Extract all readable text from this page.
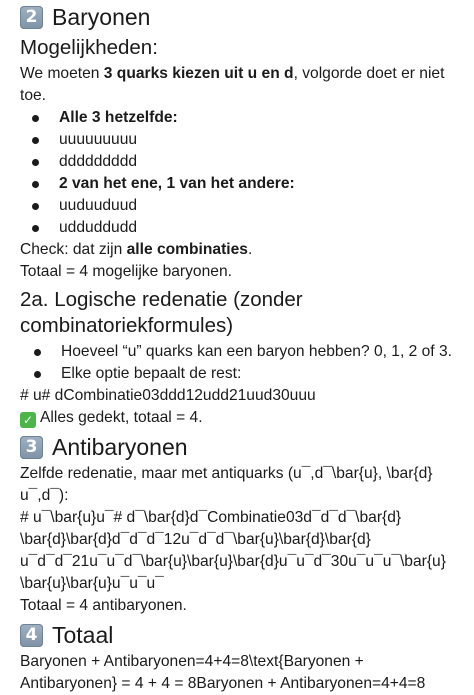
2 Baryonen
Mogelijkheden:
We moeten 3 quarks kiezen uit u en d, volgorde doet er niet
toe.
Alle 3 hetzelfde:
uuuuuuuuu
ddddddddd
2 van het ene, 1 van het andere:
uuduuduud
udduddudd
Check: dat zijn alle combinaties.
Totaal = 4 mogelijke baryonen.
2a. Logische redenatie (zonder
combinatoriekformules)
Hoeveel “u” quarks kan een baryon hebben? 0, 1, 2 of 3.
Elke optie bepaalt de rest:
# u# dCombinatie03ddd12udd21uud30uuu
✓ Alles gedekt, totaal = 4.
3 Antibaryonen
Zelfde redenatie, maar met antiquarks (u¯,d¯\bar{u}, \bar{d}
u¯,d¯):
# u¯\bar{u}u¯# d¯\bar{d}d¯Combinatie03d¯d¯d¯\bar{d}
\bar{d}\bar{d}d¯d¯d¯12u¯d¯d¯\bar{u}\bar{d}\bar{d}
u¯d¯d¯21u¯u¯d¯\bar{u}\bar{u}\bar{d}u¯u¯d¯30u¯u¯u¯\bar{u}
\bar{u}\bar{u}u¯u¯u¯
Totaal = 4 antibaryonen.
4 Totaal
Baryonen + Antibaryonen=4+4=8\text{Baryonen +
Antibaryonen} = 4 + 4 = 8Baryonen + Antibaryonen=4+4=8
